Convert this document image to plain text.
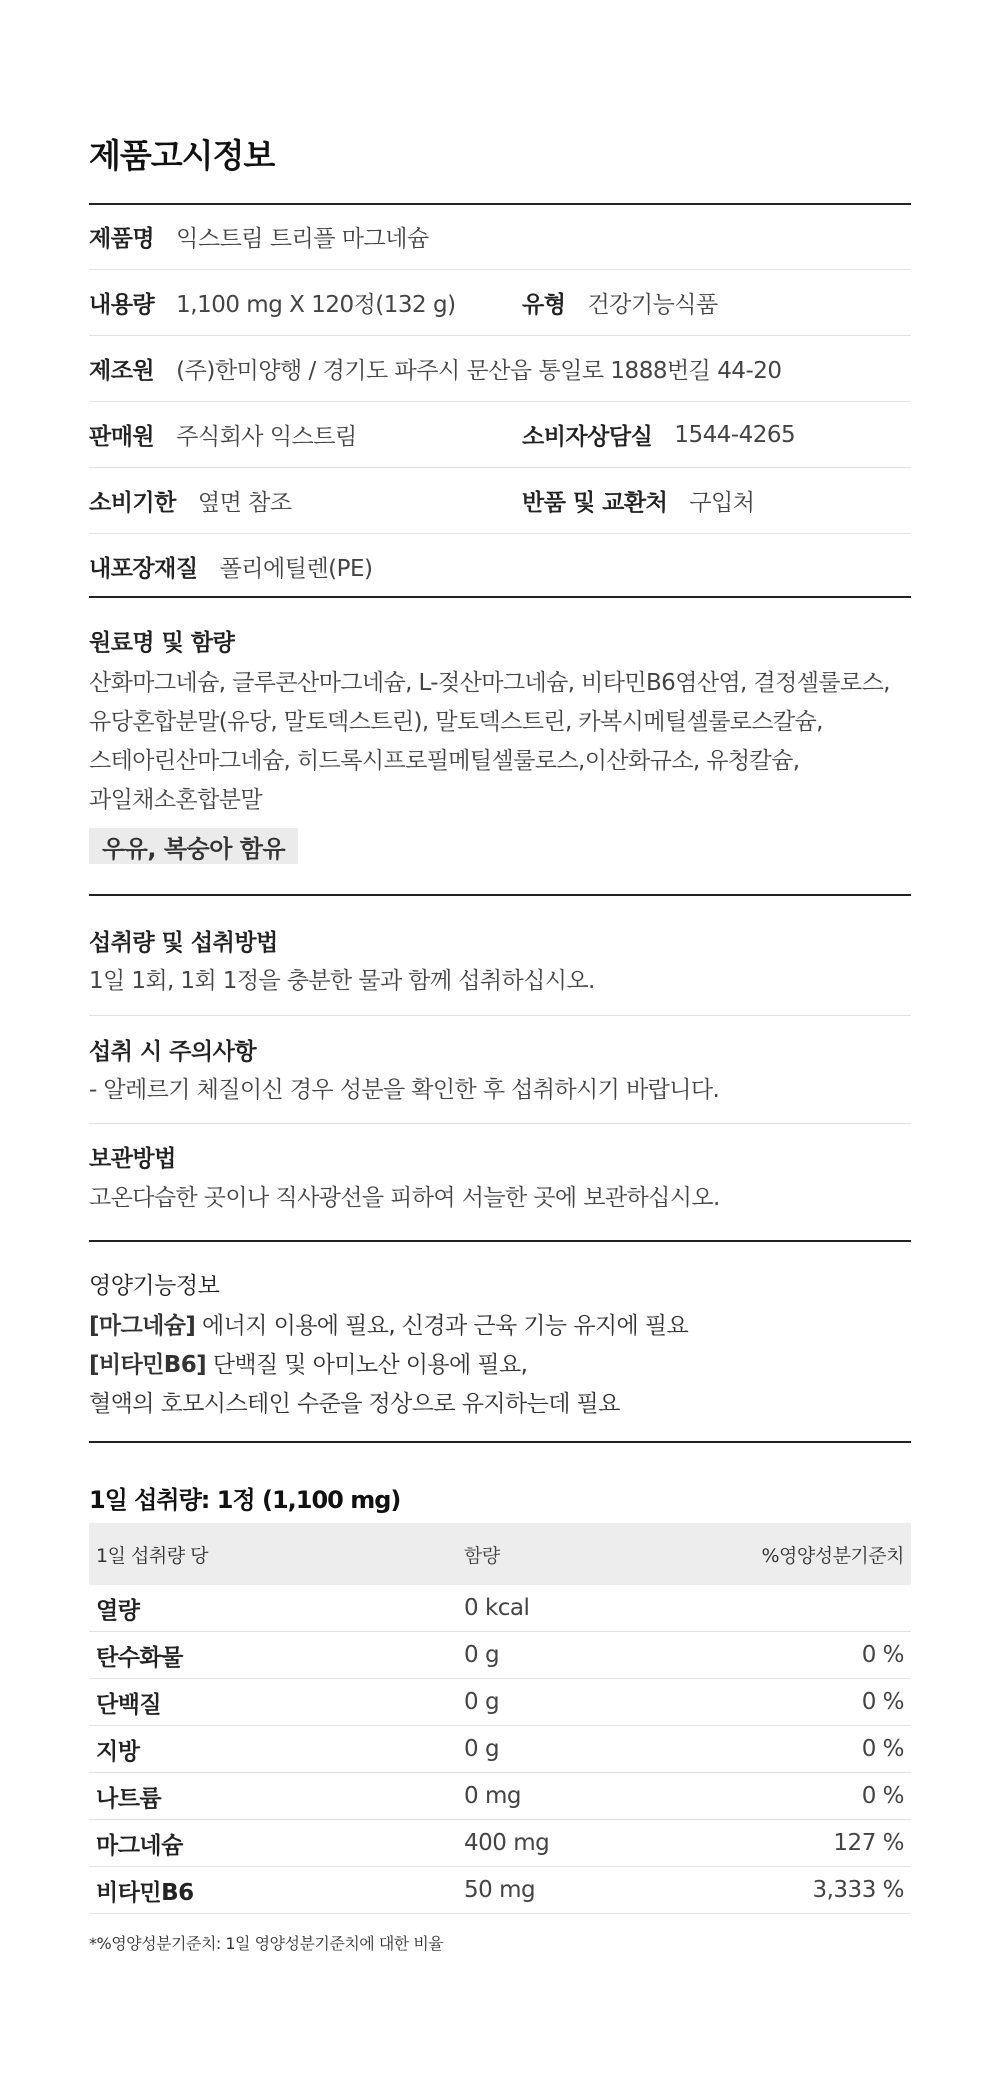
제품고시정보
제품명 익스트림 트리플 마그네슘
내용량 1,100 mg X 120정(132 g)	유형 건강기능식품
제조원 (주)한미양행 / 경기도 파주시 문산읍 통일로 1888번길 44-20
판매원 주식회사 익스트림	소비자상담실 1544-4265
소비기한 옆면 참조	반품 및 교환처 구입처
내포장재질 폴리에틸렌(PE)
원료명 및 함량
산화마그네슘, 글루콘산마그네슘, L-젖산마그네슘, 비타민B6염산염, 결정셀룰로스,
유당혼합분말(유당, 말토덱스트린), 말토덱스트린, 카복시메틸셀룰로스칼슘,
스테아린산마그네슘, 히드록시프로필메틸셀룰로스,이산화규소, 유청칼슘,
과일채소혼합분말
우유, 복숭아 함유
섭취량 및 섭취방법
1일 1회, 1회 1정을 충분한 물과 함께 섭취하십시오.
섭취 시 주의사항
- 알레르기 체질이신 경우 성분을 확인한 후 섭취하시기 바랍니다.
보관방법
고온다습한 곳이나 직사광선을 피하여 서늘한 곳에 보관하십시오.
영양기능정보
[마그네슘] 에너지 이용에 필요, 신경과 근육 기능 유지에 필요
[비타민B6] 단백질 및 아미노산 이용에 필요,
혈액의 호모시스테인 수준을 정상으로 유지하는데 필요
1일 섭취량: 1정 (1,100 mg)
1일 섭취량 당	함량	%영양성분기준치
열량	0 kcal
탄수화물	0 g	0 %
단백질	0 g	0 %
지방	0 g	0 %
나트륨	0 mg	0 %
마그네슘	400 mg	127 %
비타민B6	50 mg	3,333 %
*%영양성분기준치: 1일 영양성분기준치에 대한 비율
